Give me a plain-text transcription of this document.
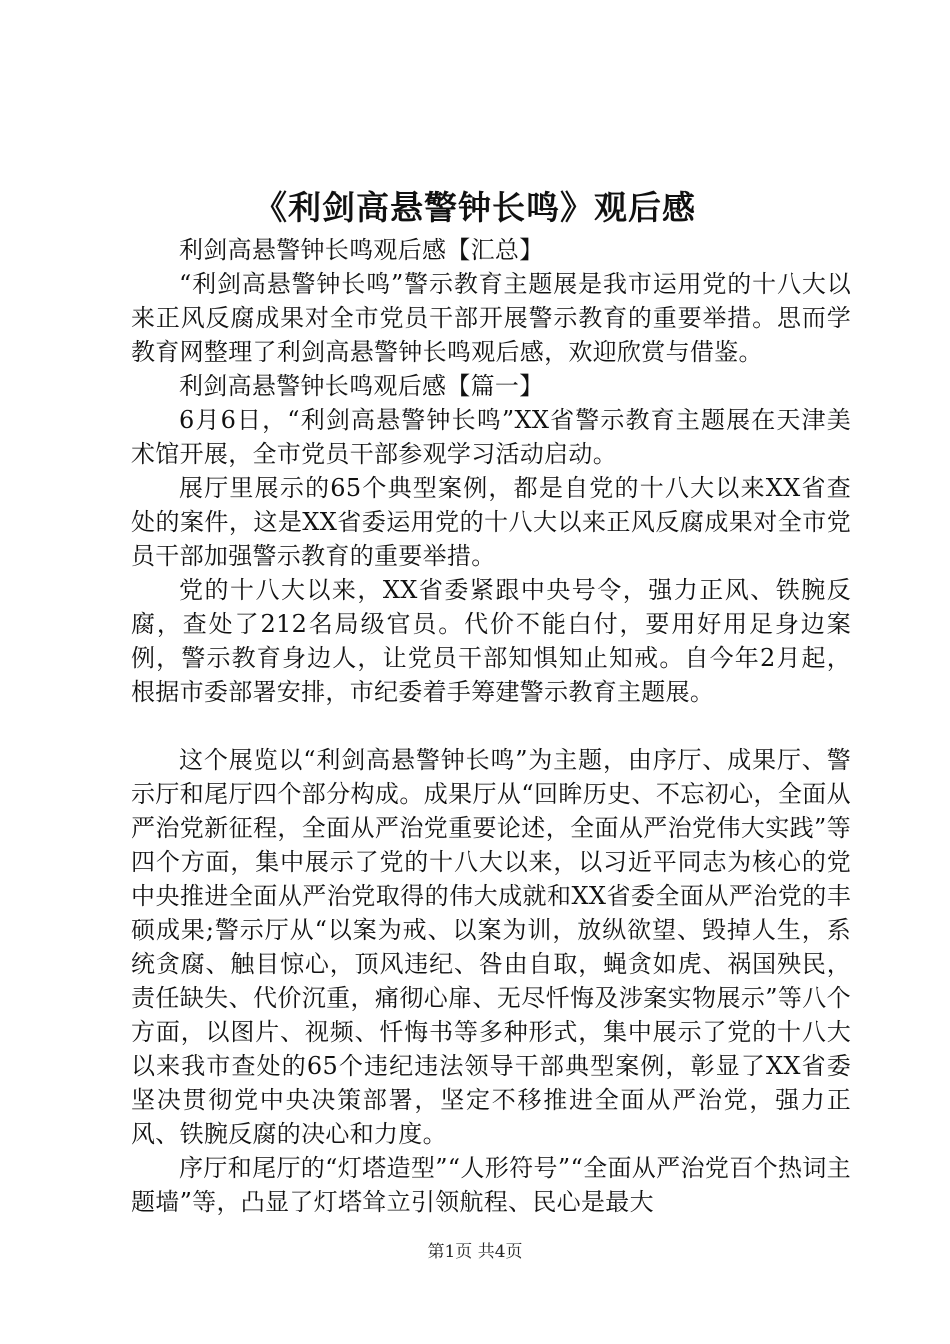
《利剑高悬警钟长鸣》观后感

利剑高悬警钟长鸣观后感【汇总】

“利剑高悬警钟长鸣”警示教育主题展是我市运用党的十八大以来正风反腐成果对全市党员干部开展警示教育的重要举措。思而学教育网整理了利剑高悬警钟长鸣观后感，欢迎欣赏与借鉴。

利剑高悬警钟长鸣观后感【篇一】

6月6日，“利剑高悬警钟长鸣”XX省警示教育主题展在天津美术馆开展，全市党员干部参观学习活动启动。

展厅里展示的65个典型案例，都是自党的十八大以来XX省查处的案件，这是XX省委运用党的十八大以来正风反腐成果对全市党员干部加强警示教育的重要举措。

党的十八大以来，XX省委紧跟中央号令，强力正风、铁腕反腐，查处了212名局级官员。代价不能白付，要用好用足身边案例，警示教育身边人，让党员干部知惧知止知戒。自今年2月起，根据市委部署安排，市纪委着手筹建警示教育主题展。

这个展览以“利剑高悬警钟长鸣”为主题，由序厅、成果厅、警示厅和尾厅四个部分构成。成果厅从“回眸历史、不忘初心，全面从严治党新征程，全面从严治党重要论述，全面从严治党伟大实践”等四个方面，集中展示了党的十八大以来，以习近平同志为核心的党中央推进全面从严治党取得的伟大成就和XX省委全面从严治党的丰硕成果;警示厅从“以案为戒、以案为训，放纵欲望、毁掉人生，系统贪腐、触目惊心，顶风违纪、咎由自取，蝇贪如虎、祸国殃民，责任缺失、代价沉重，痛彻心扉、无尽忏悔及涉案实物展示”等八个方面，以图片、视频、忏悔书等多种形式，集中展示了党的十八大以来我市查处的65个违纪违法领导干部典型案例，彰显了XX省委坚决贯彻党中央决策部署，坚定不移推进全面从严治党，强力正风、铁腕反腐的决心和力度。

序厅和尾厅的“灯塔造型”“人形符号”“全面从严治党百个热词主题墙”等，凸显了灯塔耸立引领航程、民心是最大

第1页 共4页
